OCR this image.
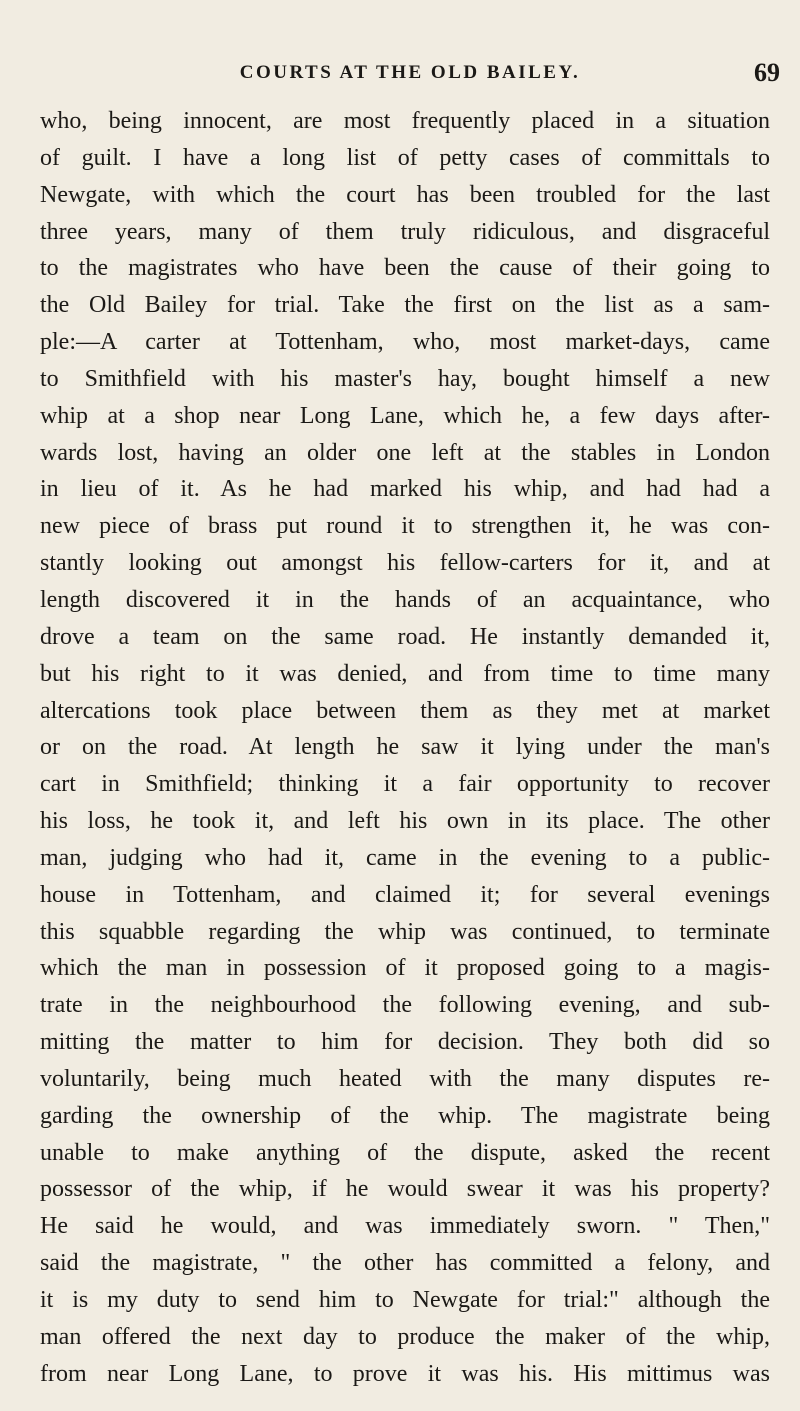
COURTS AT THE OLD BAILEY.	69
who, being innocent, are most frequently placed in a situation
of guilt. I have a long list of petty cases of committals to
Newgate, with which the court has been troubled for the last
three years, many of them truly ridiculous, and disgraceful
to the magistrates who have been the cause of their going to
the Old Bailey for trial. Take the first on the list as a sam-
ple:—A carter at Tottenham, who, most market-days, came
to Smithfield with his master's hay, bought himself a new
whip at a shop near Long Lane, which he, a few days after-
wards lost, having an older one left at the stables in London
in lieu of it. As he had marked his whip, and had had a
new piece of brass put round it to strengthen it, he was con-
stantly looking out amongst his fellow-carters for it, and at
length discovered it in the hands of an acquaintance, who
drove a team on the same road. He instantly demanded it,
but his right to it was denied, and from time to time many
altercations took place between them as they met at market
or on the road. At length he saw it lying under the man's
cart in Smithfield; thinking it a fair opportunity to recover
his loss, he took it, and left his own in its place. The other
man, judging who had it, came in the evening to a public-
house in Tottenham, and claimed it; for several evenings
this squabble regarding the whip was continued, to terminate
which the man in possession of it proposed going to a magis-
trate in the neighbourhood the following evening, and sub-
mitting the matter to him for decision. They both did so
voluntarily, being much heated with the many disputes re-
garding the ownership of the whip. The magistrate being
unable to make anything of the dispute, asked the recent
possessor of the whip, if he would swear it was his property?
He said he would, and was immediately sworn. " Then,"
said the magistrate, " the other has committed a felony, and
it is my duty to send him to Newgate for trial:" although the
man offered the next day to produce the maker of the whip,
from near Long Lane, to prove it was his. His mittimus was
